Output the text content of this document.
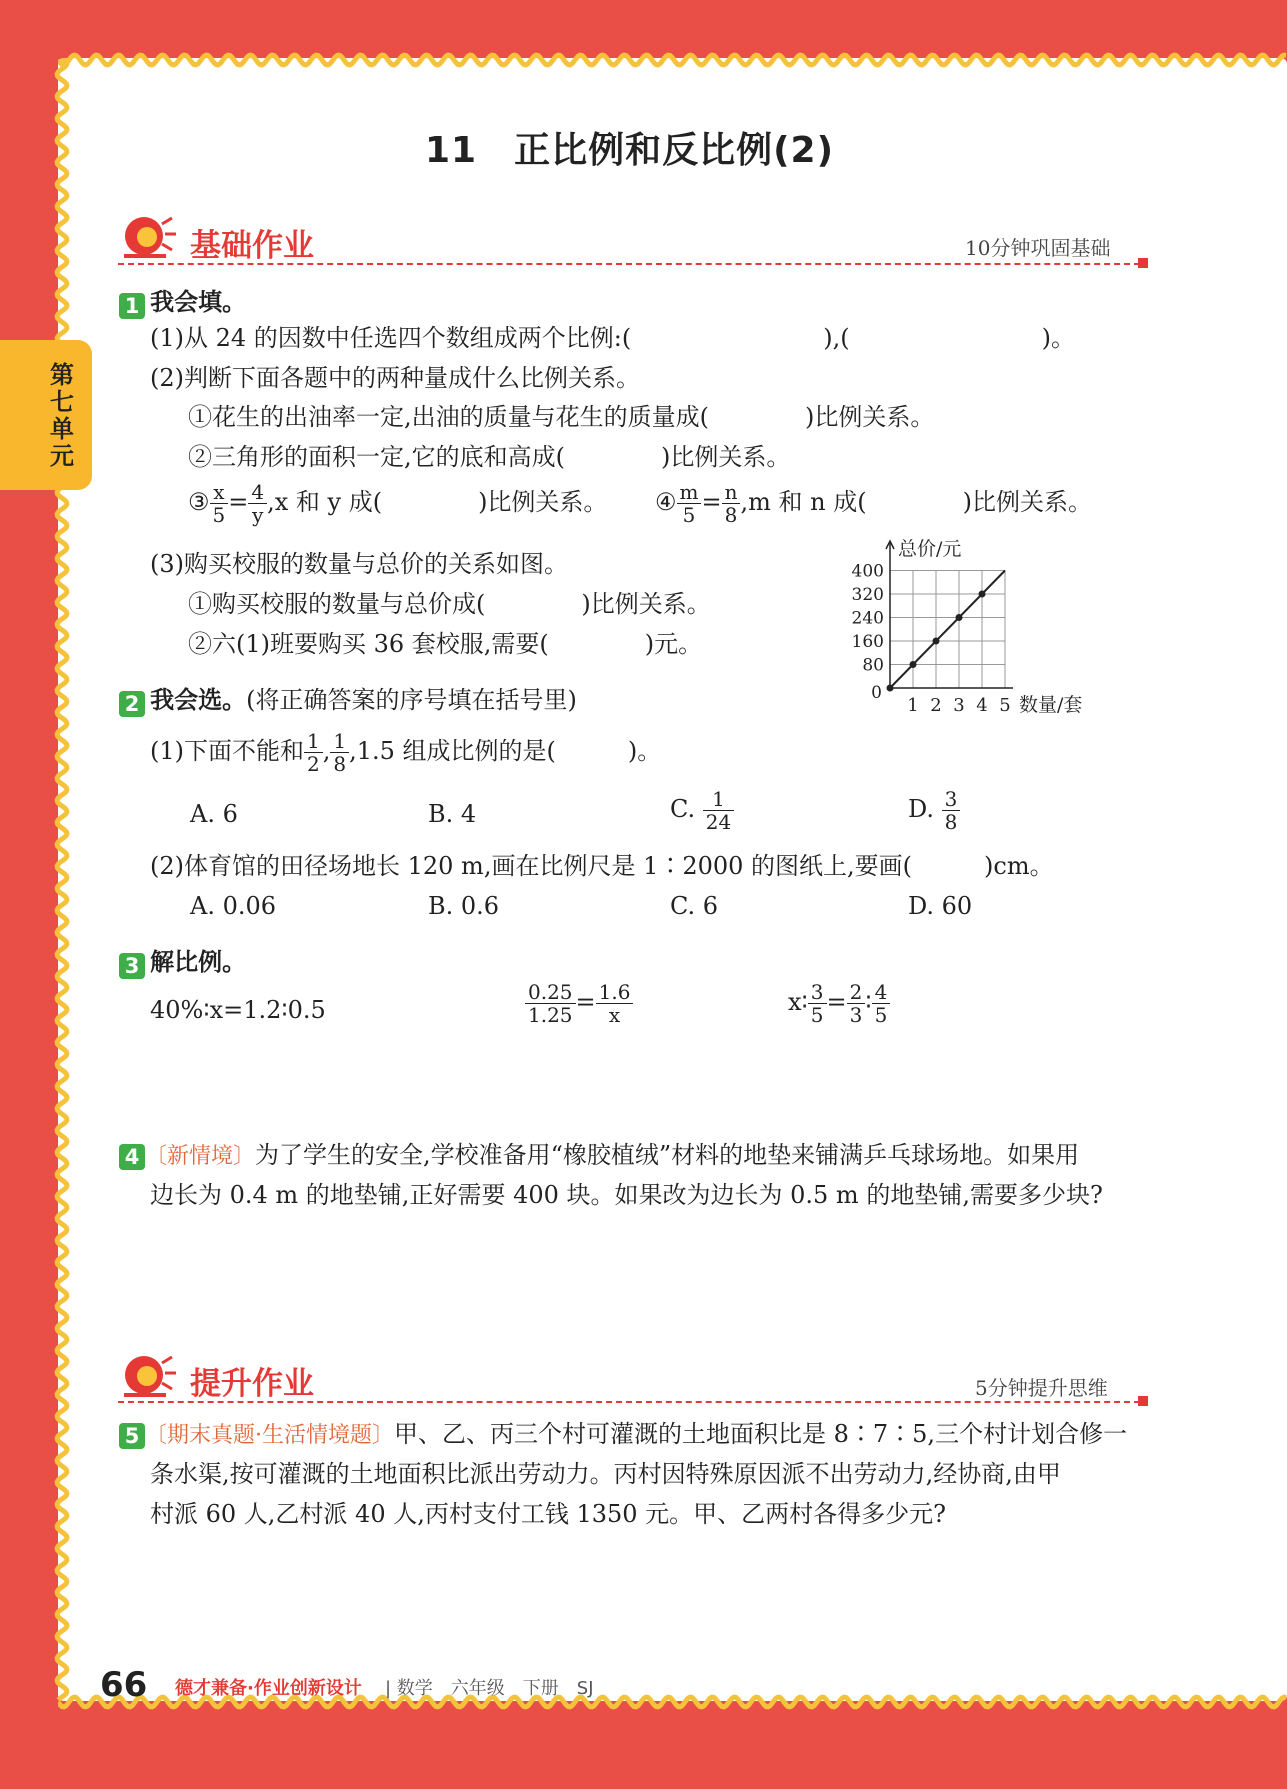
第七单元
11　正比例和反比例(2)
基础作业	10分钟巩固基础
1 我会填。
(1)从 24 的因数中任选四个数组成两个比例:(　　　　　　　　),(　　　　　　　　)。
(2)判断下面各题中的两种量成什么比例关系。
①花生的出油率一定,出油的质量与花生的质量成(　　　　)比例关系。
②三角形的面积一定,它的底和高成(　　　　)比例关系。
③ $\frac{x}{5} = \frac{4}{y} ,x$ 和 y 成(　　　　)比例关系。 ④ $\frac{m}{5} = \frac{n}{8} ,m$ 和 n 成(　　　　)比例关系。
(3)购买校服的数量与总价的关系如图。
①购买校服的数量与总价成(　　　　)比例关系。
②六(1)班要购买 36 套校服,需要(　　　　)元。
1 2 3 4 5
80
160
240
320
400
0
总价/元
数量/套
2 我会选。(将正确答案的序号填在括号里)
(1)下面不能和 $\frac{1}{2}$ , $\frac{1}{8} ,1.5$ 组成比例的是(　　　)。
A. 6	B. 4	C. $\frac{1}{24}$	D. $\frac{3}{8}$
(2)体育馆的田径场地长 120 m,画在比例尺是 1∶2000 的图纸上,要画(　　　)cm。
A. 0.06	B. 0.6	C. 6	D. 60
3 解比例。
40%∶x=1.2∶0.5	$\frac{0.25}{1.25} = \frac{1.6}{x}$	x∶ $\frac{3}{5} = \frac{2}{3}$ ∶ $\frac{4}{5}$
4 〔新情境〕为了学生的安全,学校准备用“橡胶植绒”材料的地垫来铺满乒乓球场地。如果用
边长为 0.4 m 的地垫铺,正好需要 400 块。如果改为边长为 0.5 m 的地垫铺,需要多少块?
提升作业	5分钟提升思维
5 〔期末真题·生活情境题〕甲、乙、丙三个村可灌溉的土地面积比是 8∶7∶5,三个村计划合修一
条水渠,按可灌溉的土地面积比派出劳动力。丙村因特殊原因派不出劳动力,经协商,由甲
村派 60 人,乙村派 40 人,丙村支付工钱 1350 元。甲、乙两村各得多少元?
66 德才兼备·作业创新设计 | 数学　六年级　下册　SJ
